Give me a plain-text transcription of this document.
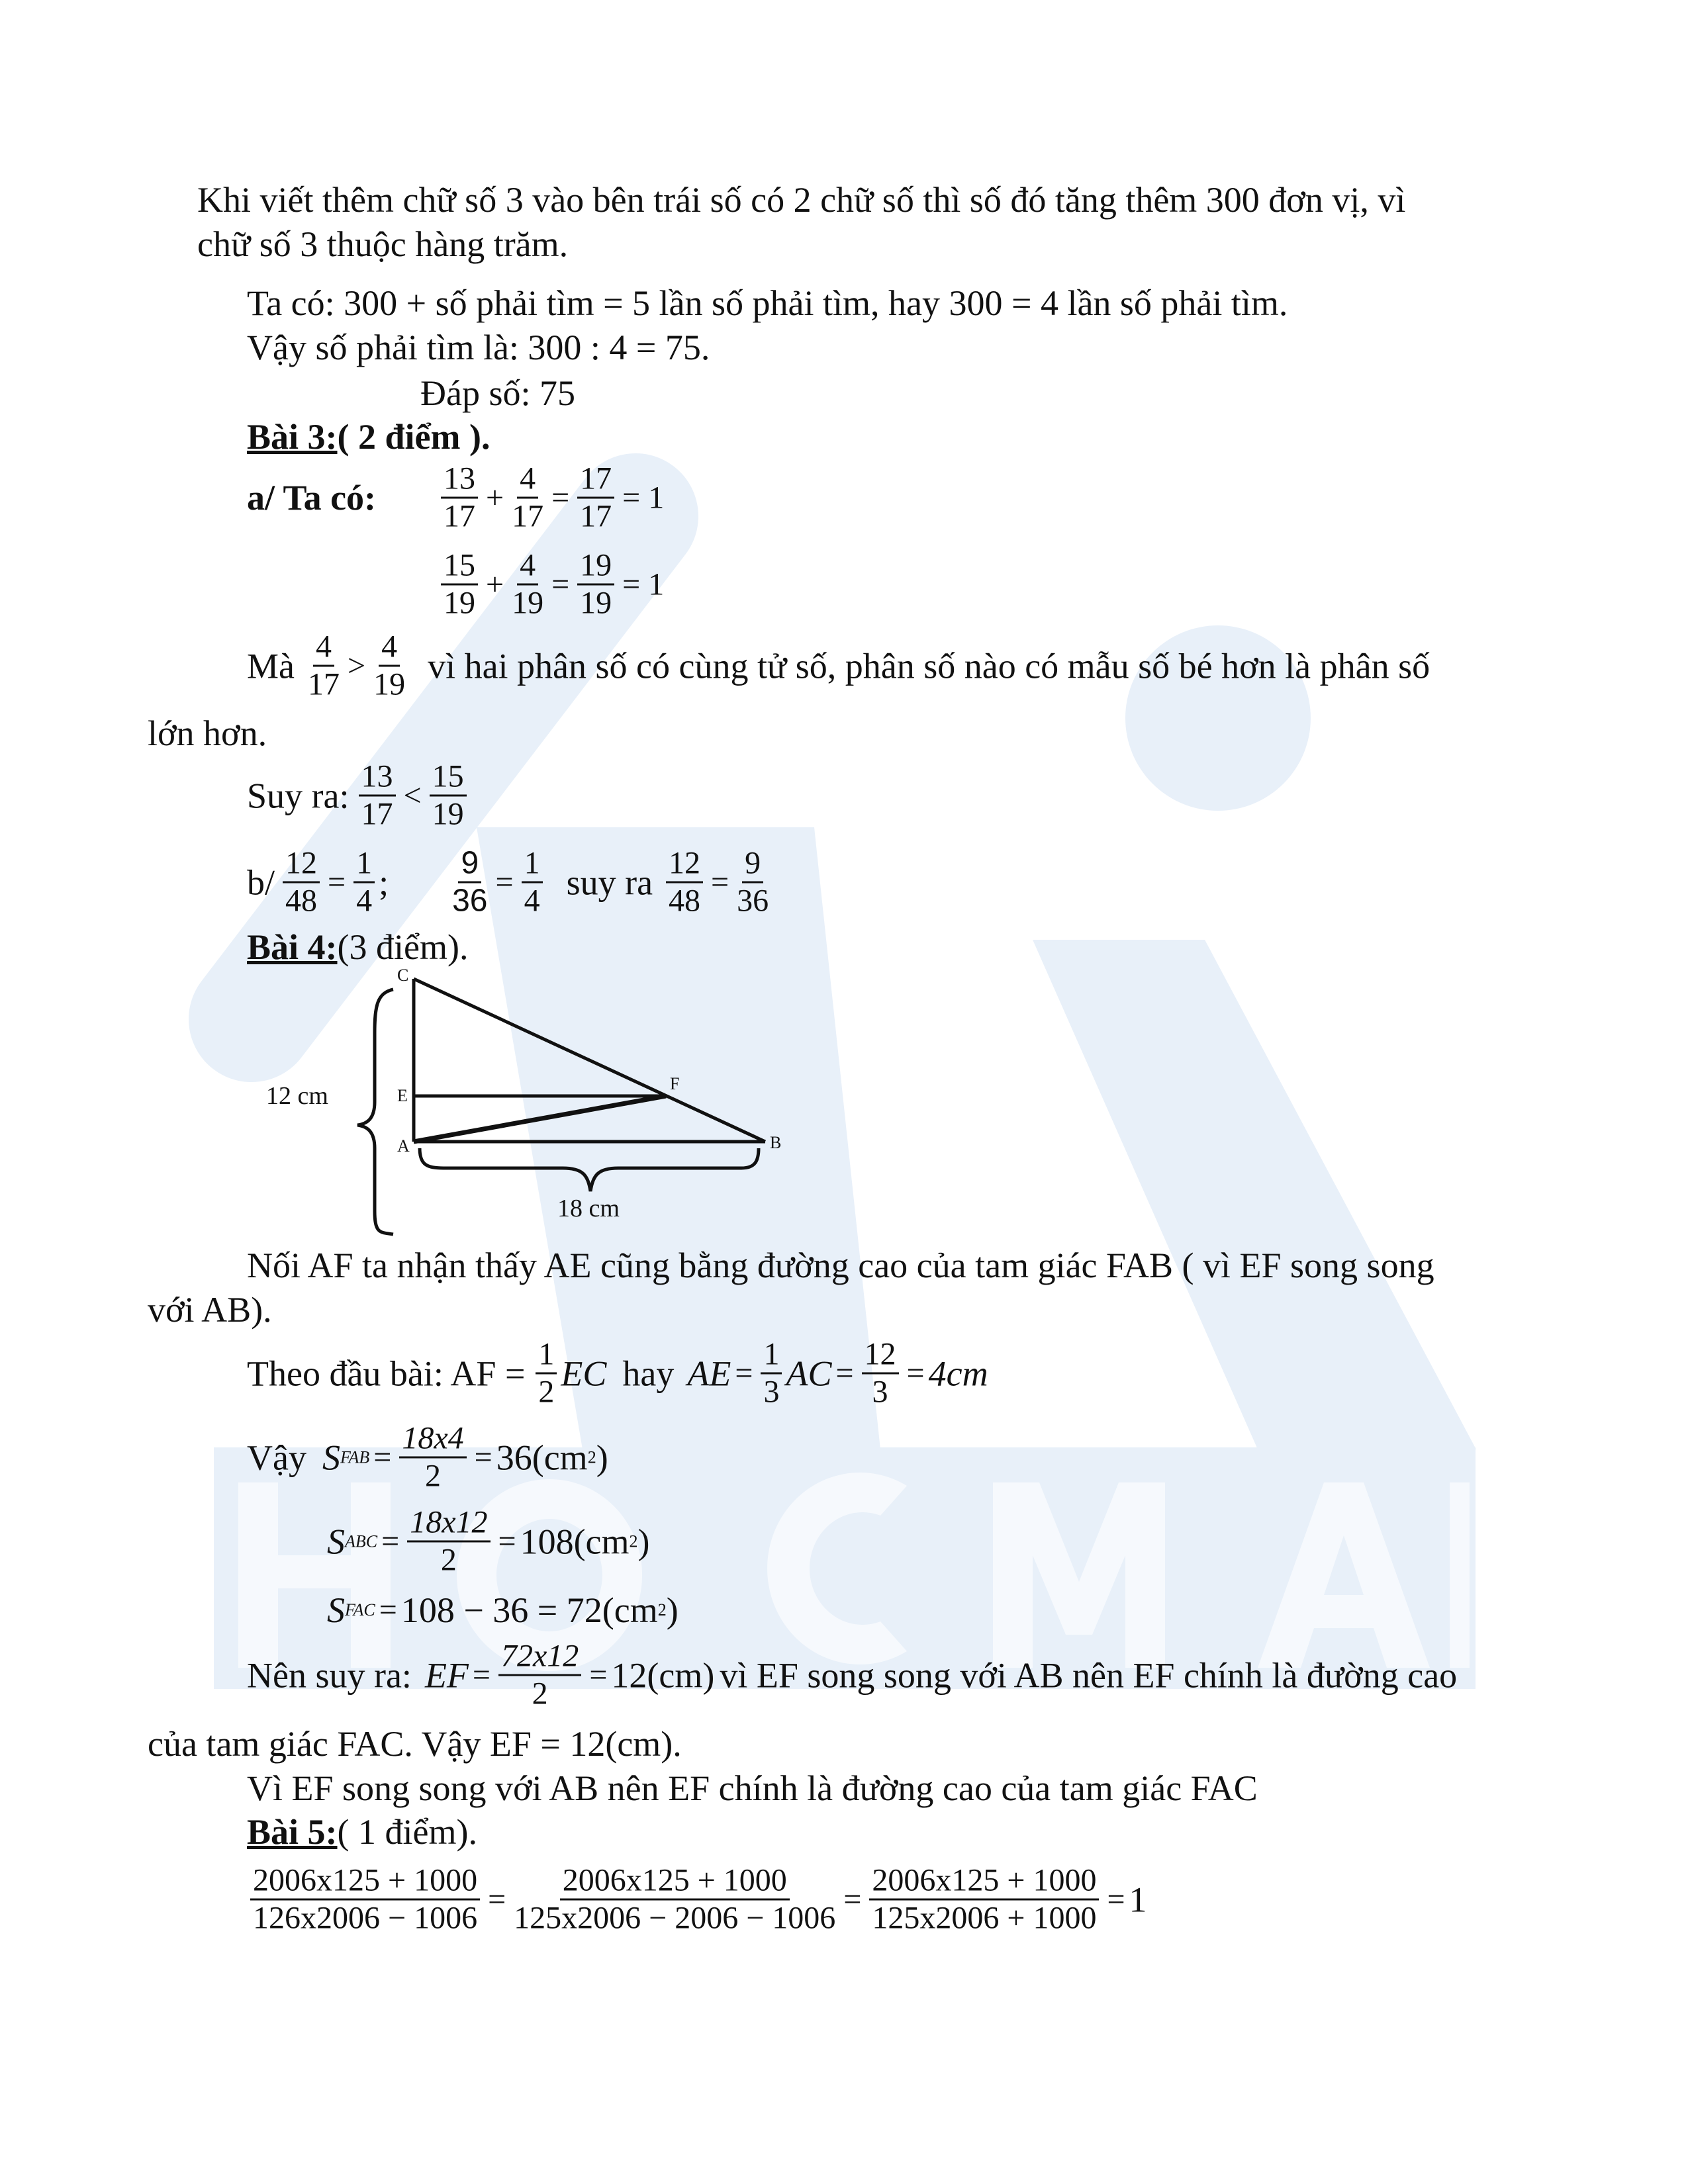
Khi viết thêm chữ số 3 vào bên trái số có 2 chữ số thì số đó tăng thêm 300 đơn vị, vì
chữ số 3 thuộc hàng trăm.
Ta có: 300 + số phải tìm = 5 lần số phải tìm, hay 300 = 4 lần số phải tìm.
Vậy số phải tìm là: 300 : 4 = 75.
Đáp số: 75
Bài 3: ( 2 điểm ).
a/ Ta có: $\frac{13}{17} + \frac{4}{17} = \frac{17}{17} = 1$
$\frac{15}{19} + \frac{4}{19} = \frac{19}{19} = 1$
Mà $\frac{4}{17} > \frac{4}{19}$ vì hai phân số có cùng tử số, phân số nào có mẫu số bé hơn là phân số
lớn hơn.
Suy ra: $\frac{13}{17} < \frac{15}{19}$
$b/ \frac{12}{48} = \frac{1}{4}$ ; $\frac{9}{36} = \frac{1}{4}$ suy ra $\frac{12}{48} = \frac{9}{36}$
Bài 4: (3 điểm).
C
E
A	B
F
12 cm
18 cm
Nối AF ta nhận thấy AE cũng bằng đường cao của tam giác FAB ( vì EF song song
với AB).
Theo đầu bài: AF = $\frac{1}{2}$ EC hay AE = $\frac{1}{3}$ AC = $\frac{12}{3} = 4cm$
Vậy S FAB = $\frac{18x4}{2} = 36(cm$ 2 )
S ABC = $\frac{18x12}{2} = 108(cm$ 2 )
S FAC = 108 − 36 = 72(cm 2 )
Nên suy ra: EF = $\frac{72x12}{2} = 12(cm)$ vì EF song song với AB nên EF chính là đường cao
của tam giác FAC. Vậy EF = 12(cm).
Vì EF song song với AB nên EF chính là đường cao của tam giác FAC
Bài 5: ( 1 điểm).
$\frac{2006x125 + 1000}{126x2006 - 1006} = \frac{2006x125 + 1000}{125x2006 - 2006 - 1006} = \frac{2006x125 + 1000}{125x2006 + 1000} = 1$
